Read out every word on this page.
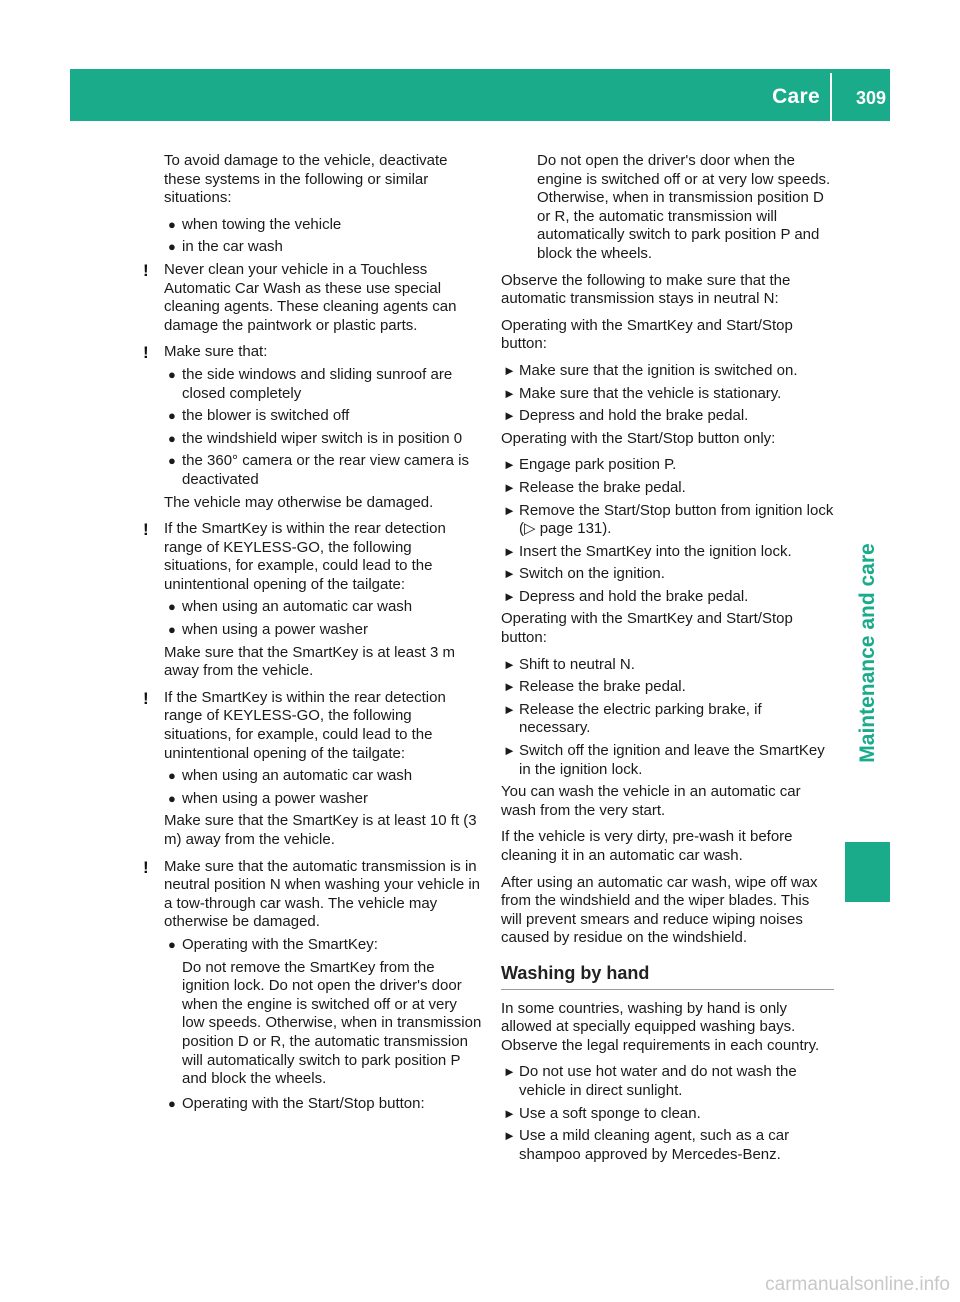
Care 309
Maintenance and care

To avoid damage to the vehicle, deactivate these systems in the following or similar situations:

● when towing the vehicle
● in the car wash
! Never clean your vehicle in a Touchless Automatic Car Wash as these use special cleaning agents. These cleaning agents can damage the paintwork or plastic parts.

! Make sure that:

● the side windows and sliding sunroof are closed completely
● the blower is switched off
● the windshield wiper switch is in position 0
● the 360° camera or the rear view camera is deactivated

The vehicle may otherwise be damaged.

! If the SmartKey is within the rear detection range of KEYLESS-GO, the following situations, for example, could lead to the unintentional opening of the tailgate:

● when using an automatic car wash
● when using a power washer

Make sure that the SmartKey is at least 3 m away from the vehicle.

! If the SmartKey is within the rear detection range of KEYLESS-GO, the following situations, for example, could lead to the unintentional opening of the tailgate:

● when using an automatic car wash
● when using a power washer

Make sure that the SmartKey is at least 10 ft (3 m) away from the vehicle.

! Make sure that the automatic transmission is in neutral position N when washing your vehicle in a tow-through car wash. The vehicle may otherwise be damaged.

● Operating with the SmartKey:

Do not remove the SmartKey from the ignition lock. Do not open the driver's door when the engine is switched off or at very low speeds. Otherwise, when in transmission position D or R, the automatic transmission will automatically switch to park position P and block the wheels.

● Operating with the Start/Stop button:

Do not open the driver's door when the engine is switched off or at very low speeds. Otherwise, when in transmission position D or R, the automatic transmission will automatically switch to park position P and block the wheels.

Observe the following to make sure that the automatic transmission stays in neutral N:

Operating with the SmartKey and Start/Stop button:

► Make sure that the ignition is switched on.
► Make sure that the vehicle is stationary.
► Depress and hold the brake pedal.

Operating with the Start/Stop button only:

► Engage park position P.
► Release the brake pedal.
► Remove the Start/Stop button from ignition lock (▷ page 131).
► Insert the SmartKey into the ignition lock.
► Switch on the ignition.
► Depress and hold the brake pedal.

Operating with the SmartKey and Start/Stop button:

► Shift to neutral N.
► Release the brake pedal.
► Release the electric parking brake, if necessary.
► Switch off the ignition and leave the SmartKey in the ignition lock.

You can wash the vehicle in an automatic car wash from the very start.

If the vehicle is very dirty, pre-wash it before cleaning it in an automatic car wash.

After using an automatic car wash, wipe off wax from the windshield and the wiper blades. This will prevent smears and reduce wiping noises caused by residue on the windshield.

Washing by hand

In some countries, washing by hand is only allowed at specially equipped washing bays. Observe the legal requirements in each country.

► Do not use hot water and do not wash the vehicle in direct sunlight.
► Use a soft sponge to clean.
► Use a mild cleaning agent, such as a car shampoo approved by Mercedes-Benz.
carmanualsonline.info
